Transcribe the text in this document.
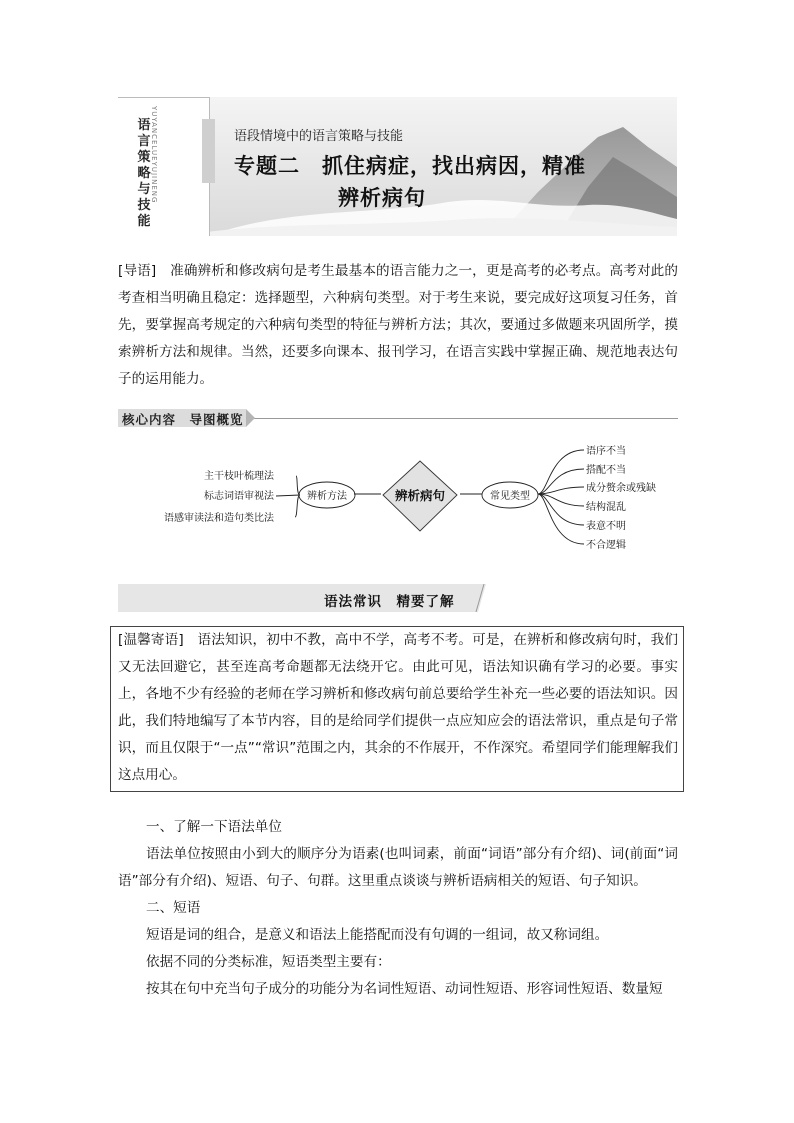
语
言
策
略
与
技
能
YUYANCELUEYUJINENG	语段情境中的语言策略与技能
专题二　抓住病症，找出病因，精准
辨析病句
[导语]　准确辨析和修改病句是考生最基本的语言能力之一，更是高考的必考点。高考对此的考查相当明确且稳定：选择题型，六种病句类型。对于考生来说，要完成好这项复习任务，首先，要掌握高考规定的六种病句类型的特征与辨析方法；其次，要通过多做题来巩固所学，摸索辨析方法和规律。当然，还要多向课本、报刊学习，在语言实践中掌握正确、规范地表达句子的运用能力。
核心内容　导图概览
辨析病句
辨析方法	常见类型
主干枝叶梳理法
标志词语审视法
语感审读法和造句类比法
语序不当
搭配不当
成分赘余或残缺
结构混乱
表意不明
不合逻辑
语法常识　精要了解
[温馨寄语]　语法知识，初中不教，高中不学，高考不考。可是，在辨析和修改病句时，我们又无法回避它，甚至连高考命题都无法绕开它。由此可见，语法知识确有学习的必要。事实上，各地不少有经验的老师在学习辨析和修改病句前总要给学生补充一些必要的语法知识。因此，我们特地编写了本节内容，目的是给同学们提供一点应知应会的语法常识，重点是句子常识，而且仅限于“一点”“常识”范围之内，其余的不作展开，不作深究。希望同学们能理解我们这点用心。
一、了解一下语法单位
语法单位按照由小到大的顺序分为语素(也叫词素，前面“词语”部分有介绍)、词(前面“词语”部分有介绍)、短语、句子、句群。这里重点谈谈与辨析语病相关的短语、句子知识。
二、短语
短语是词的组合，是意义和语法上能搭配而没有句调的一组词，故又称词组。
依据不同的分类标准，短语类型主要有：
按其在句中充当句子成分的功能分为名词性短语、动词性短语、形容词性短语、数量短
